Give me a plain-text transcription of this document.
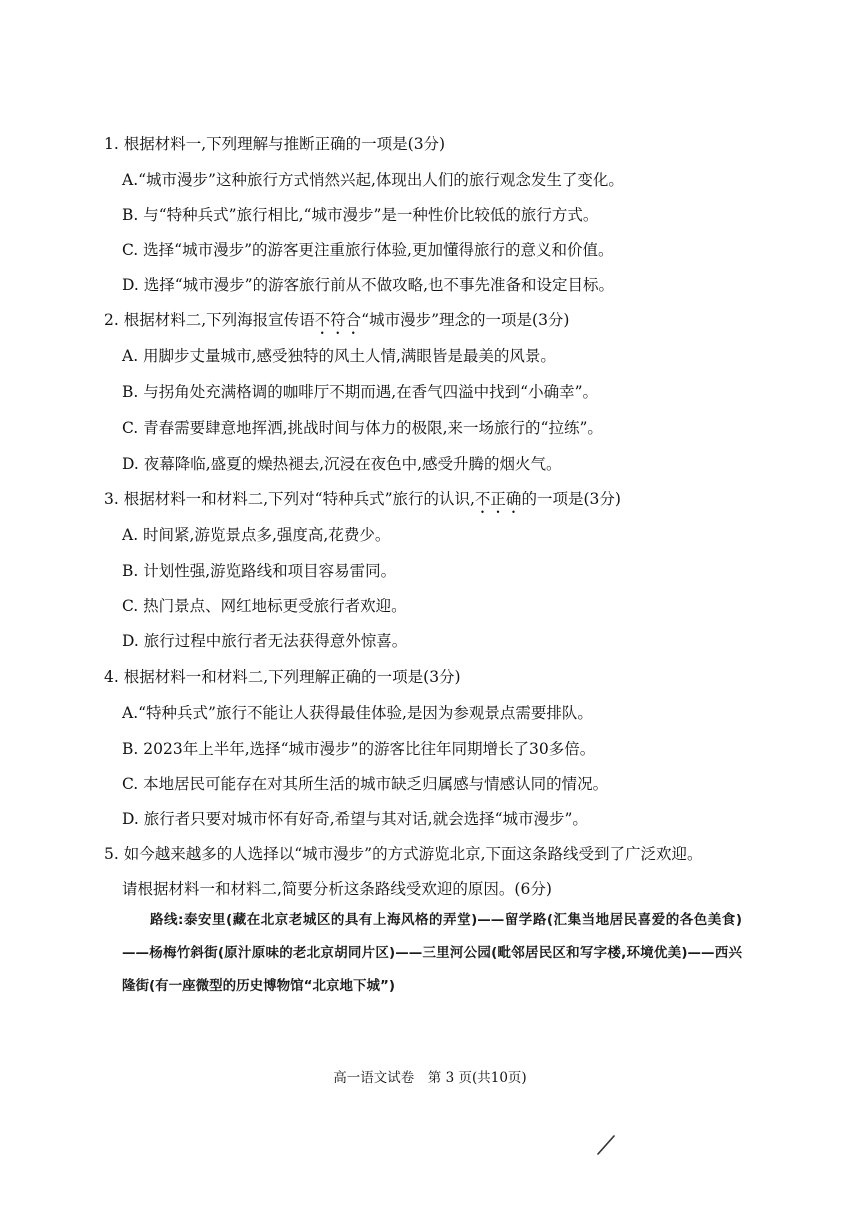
1. 根据材料一,下列理解与推断正确的一项是(3分)
A.“城市漫步”这种旅行方式悄然兴起,体现出人们的旅行观念发生了变化。
B. 与“特种兵式”旅行相比,“城市漫步”是一种性价比较低的旅行方式。
C. 选择“城市漫步”的游客更注重旅行体验,更加懂得旅行的意义和价值。
D. 选择“城市漫步”的游客旅行前从不做攻略,也不事先准备和设定目标。
2. 根据材料二,下列海报宣传语不符合“城市漫步”理念的一项是(3分)
A. 用脚步丈量城市,感受独特的风土人情,满眼皆是最美的风景。
B. 与拐角处充满格调的咖啡厅不期而遇,在香气四溢中找到“小确幸”。
C. 青春需要肆意地挥洒,挑战时间与体力的极限,来一场旅行的“拉练”。
D. 夜幕降临,盛夏的燥热褪去,沉浸在夜色中,感受升腾的烟火气。
3. 根据材料一和材料二,下列对“特种兵式”旅行的认识,不正确的一项是(3分)
A. 时间紧,游览景点多,强度高,花费少。
B. 计划性强,游览路线和项目容易雷同。
C. 热门景点、网红地标更受旅行者欢迎。
D. 旅行过程中旅行者无法获得意外惊喜。
4. 根据材料一和材料二,下列理解正确的一项是(3分)
A.“特种兵式”旅行不能让人获得最佳体验,是因为参观景点需要排队。
B. 2023年上半年,选择“城市漫步”的游客比往年同期增长了30多倍。
C. 本地居民可能存在对其所生活的城市缺乏归属感与情感认同的情况。
D. 旅行者只要对城市怀有好奇,希望与其对话,就会选择“城市漫步”。
5. 如今越来越多的人选择以“城市漫步”的方式游览北京,下面这条路线受到了广泛欢迎。
请根据材料一和材料二,简要分析这条路线受欢迎的原因。(6分)
路线:泰安里(藏在北京老城区的具有上海风格的弄堂)——留学路(汇集当地居民喜爱的各色美食)——杨梅竹斜街(原汁原味的老北京胡同片区)——三里河公园(毗邻居民区和写字楼,环境优美)——西兴隆街(有一座微型的历史博物馆“北京地下城”)
高一语文试卷　第 3 页(共10页)
